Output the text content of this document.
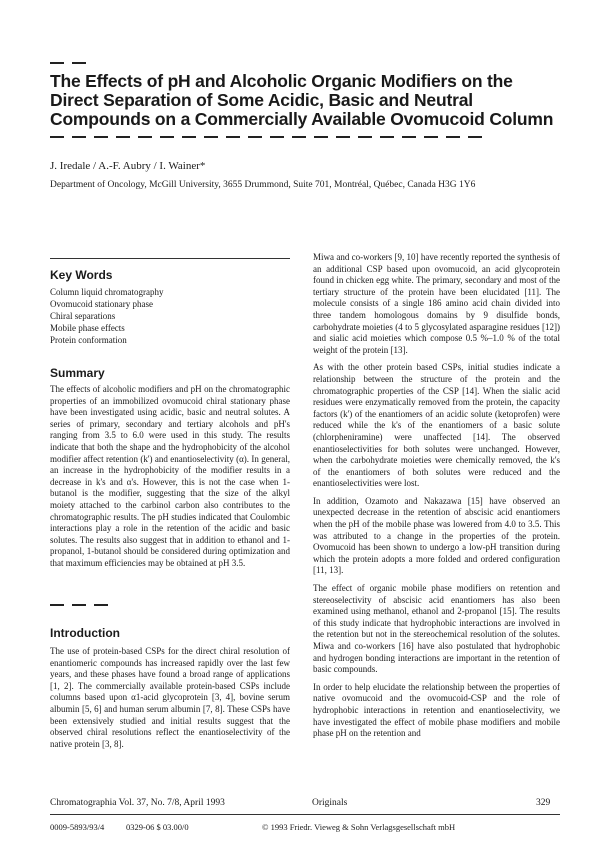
The Effects of pH and Alcoholic Organic Modifiers on the Direct Separation of Some Acidic, Basic and Neutral Compounds on a Commercially Available Ovomucoid Column
J. Iredale / A.-F. Aubry / I. Wainer*
Department of Oncology, McGill University, 3655 Drummond, Suite 701, Montréal, Québec, Canada H3G 1Y6
Key Words
Column liquid chromatography
Ovomucoid stationary phase
Chiral separations
Mobile phase effects
Protein conformation
Summary

The effects of alcoholic modifiers and pH on the chromatographic properties of an immobilized ovomucoid chiral stationary phase have been investigated using acidic, basic and neutral solutes. A series of primary, secondary and tertiary alcohols and pH's ranging from 3.5 to 6.0 were used in this study. The results indicate that both the shape and the hydrophobicity of the alcohol modifier affect retention (k') and enantioselectivity (α). In general, an increase in the hydrophobicity of the modifier results in a decrease in k's and α's. However, this is not the case when 1-butanol is the modifier, suggesting that the size of the alkyl moiety attached to the carbinol carbon also contributes to the chromatographic results. The pH studies indicated that Coulombic interactions play a role in the retention of the acidic and basic solutes. The results also suggest that in addition to ethanol and 1-propanol, 1-butanol should be considered during optimization and that maximum efficiencies may be obtained at pH 3.5.

Introduction

The use of protein-based CSPs for the direct chiral resolution of enantiomeric compounds has increased rapidly over the last few years, and these phases have found a broad range of applications [1, 2]. The commercially available protein-based CSPs include columns based upon α1-acid glycoprotein [3, 4], bovine serum albumin [5, 6] and human serum albumin [7, 8]. These CSPs have been extensively studied and initial results suggest that the observed chiral resolutions reflect the enantioselectivity of the native protein [3, 8].

Miwa and co-workers [9, 10] have recently reported the synthesis of an additional CSP based upon ovomucoid, an acid glycoprotein found in chicken egg white. The primary, secondary and most of the tertiary structure of the protein have been elucidated [11]. The molecule consists of a single 186 amino acid chain divided into three tandem homologous domains by 9 disulfide bonds, carbohydrate moieties (4 to 5 glycosylated asparagine residues [12]) and sialic acid moieties which compose 0.5 %–1.0 % of the total weight of the protein [13].

As with the other protein based CSPs, initial studies indicate a relationship between the structure of the protein and the chromatographic properties of the CSP [14]. When the sialic acid residues were enzymatically removed from the protein, the capacity factors (k') of the enantiomers of an acidic solute (ketoprofen) were reduced while the k's of the enantiomers of a basic solute (chlorpheniramine) were unaffected [14]. The observed enantioselectivities for both solutes were unchanged. However, when the carbohydrate moieties were chemically removed, the k's of the enantiomers of both solutes were reduced and the enantioselectivities were lost.

In addition, Ozamoto and Nakazawa [15] have observed an unexpected decrease in the retention of abscisic acid enantiomers when the pH of the mobile phase was lowered from 4.0 to 3.5. This was attributed to a change in the properties of the protein. Ovomucoid has been shown to undergo a low-pH transition during which the protein adopts a more folded and ordered configuration [11, 13].

The effect of organic mobile phase modifiers on retention and stereoselectivity of abscisic acid enantiomers has also been examined using methanol, ethanol and 2-propanol [15]. The results of this study indicate that hydrophobic interactions are involved in the retention but not in the stereochemical resolution of the solutes. Miwa and co-workers [16] have also postulated that hydrophobic and hydrogen bonding interactions are important in the retention of basic compounds.

In order to help elucidate the relationship between the properties of native ovomucoid and the ovomucoid-CSP and the role of hydrophobic interactions in retention and enantioselectivity, we have investigated the effect of mobile phase modifiers and mobile phase pH on the retention and

Chromatographia Vol. 37, No. 7/8, April 1993	Originals	329
0009-5893/93/4	0329-06 $ 03.00/0	© 1993 Friedr. Vieweg & Sohn Verlagsgesellschaft mbH
